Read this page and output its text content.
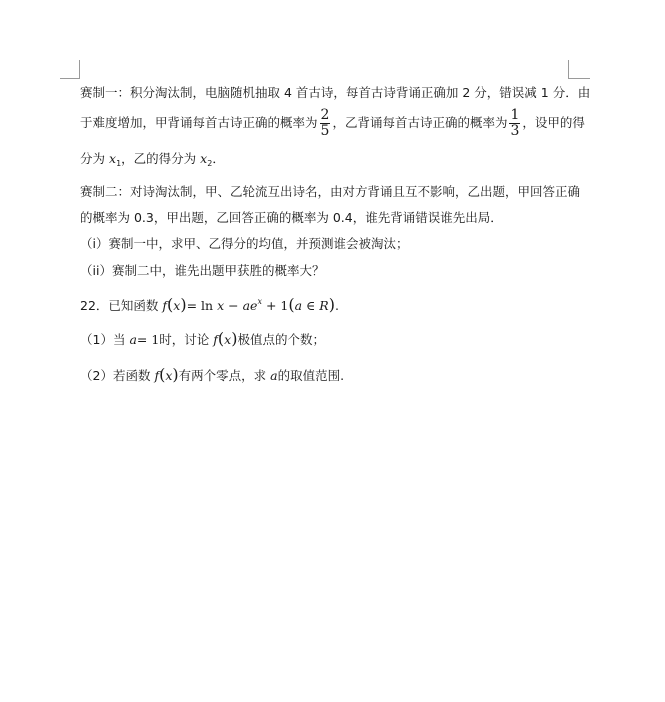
赛制一：积分淘汰制，电脑随机抽取 4 首古诗，每首古诗背诵正确加 2 分，错误减 1 分．由
于难度增加，甲背诵每首古诗正确的概率为 $\frac{2}{5}$ ，乙背诵每首古诗正确的概率为 $\frac{1}{3}$ ，设甲的得
分为 $x_1$，乙的得分为 $x_2$．
赛制二：对诗淘汰制，甲、乙轮流互出诗名，由对方背诵且互不影响，乙出题，甲回答正确
的概率为 0.3，甲出题，乙回答正确的概率为 0.4，谁先背诵错误谁先出局．
（i）赛制一中，求甲、乙得分的均值，并预测谁会被淘汰；
（ii）赛制二中，谁先出题甲获胜的概率大？
22．已知函数 $f(x)= \ln x - ae^x + 1(a$ ∈ R).
（1）当 a= 1时，讨论 f(x)极值点的个数；
（2）若函数 f(x)有两个零点，求 a的取值范围.
